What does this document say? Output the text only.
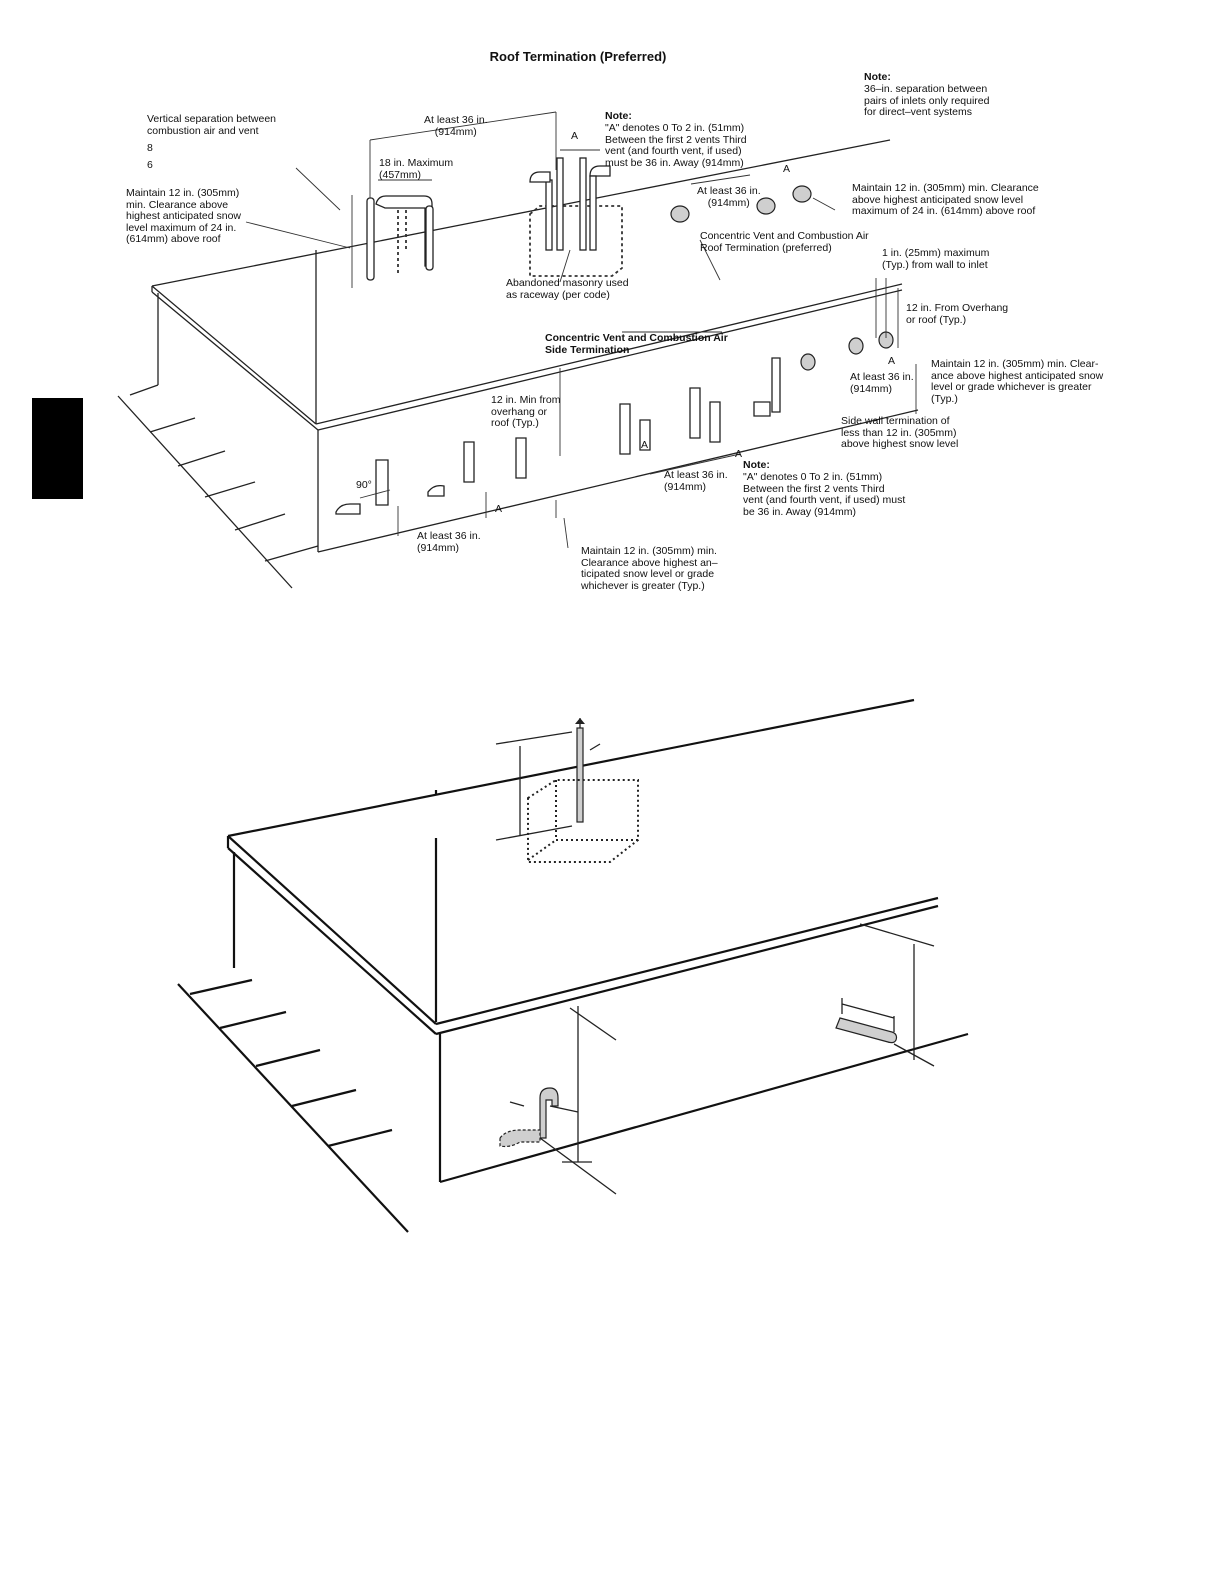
Roof Termination (Preferred)
Vertical separation between
combustion air and vent
8
6
Maintain 12 in. (305mm)
min. Clearance above
highest anticipated snow
level maximum of 24 in.
(614mm) above roof
At least 36 in.
(914mm)
18 in. Maximum
(457mm)
Note:
"A" denotes 0 To 2 in. (51mm)
Between the first 2 vents Third
vent (and fourth vent, if used)
must be 36 in. Away (914mm)
Abandoned masonry used
as raceway (per code)
Note:
36–in. separation between
pairs of inlets only required
for direct–vent systems
At least 36 in.
(914mm)
Maintain 12 in. (305mm) min. Clearance
above highest anticipated snow level
maximum of 24 in. (614mm) above roof
Concentric Vent and Combustion Air
Roof Termination (preferred)	1 in. (25mm) maximum
(Typ.) from wall to inlet
12 in. From Overhang
or roof (Typ.)
Concentric Vent and Combustion Air
Side Termination
Maintain 12 in. (305mm) min. Clear-
ance above highest anticipated snow
level or grade whichever is greater
(Typ.)
At least 36 in.
(914mm)
Side wall termination of
less than 12 in. (305mm)
above highest snow level
12 in. Min from
overhang or
roof (Typ.)
At least 36 in.
(914mm)
Note:
"A" denotes 0 To 2 in. (51mm)
Between the first 2 vents Third
vent (and fourth vent, if used) must
be 36 in. Away (914mm)
90°
At least 36 in.
(914mm)	Maintain 12 in. (305mm) min.
Clearance above highest an–
ticipated snow level or grade
whichever is greater (Typ.)
A
A
A
A
A
A
